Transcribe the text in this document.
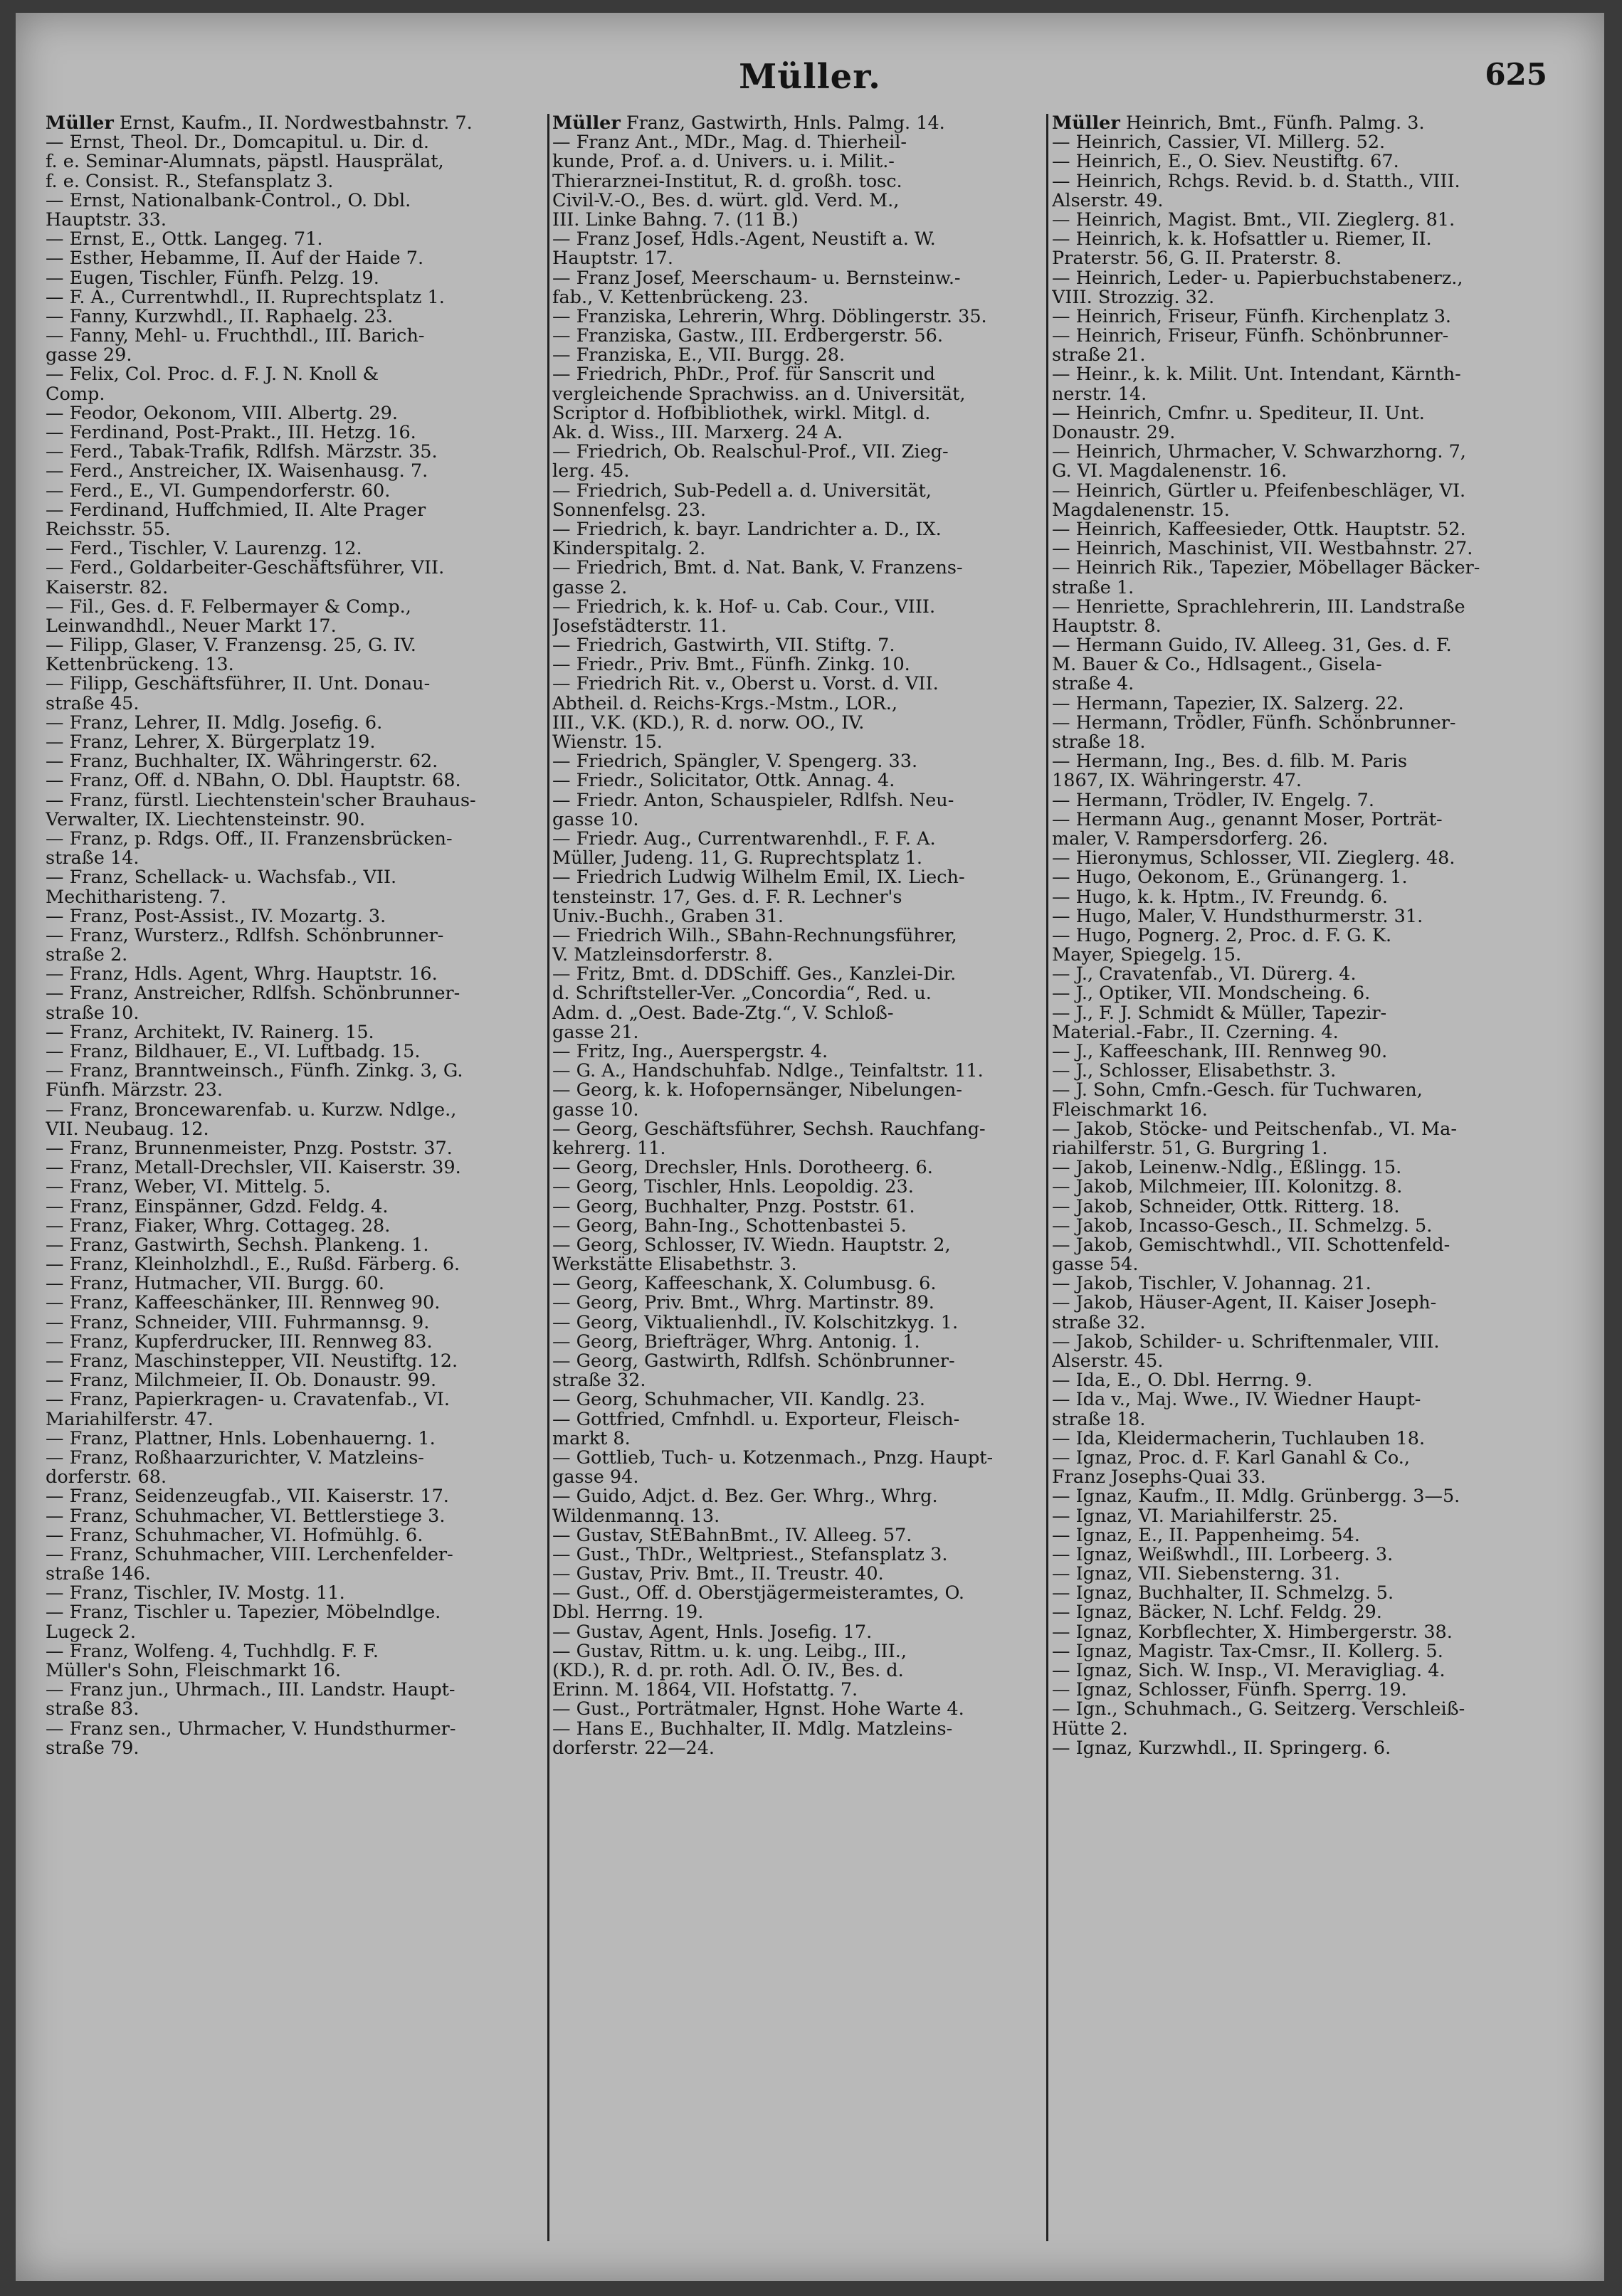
Müller.	625
Müller Ernst, Kaufm., II. Nordwestbahnstr. 7.
— Ernst, Theol. Dr., Domcapitul. u. Dir. d.
f. e. Seminar-Alumnats, päpstl. Hausprälat,
f. e. Consist. R., Stefansplatz 3.
— Ernst, Nationalbank-Control., O. Dbl.
Hauptstr. 33.
— Ernst, E., Ottk. Langeg. 71.
— Esther, Hebamme, II. Auf der Haide 7.
— Eugen, Tischler, Fünfh. Pelzg. 19.
— F. A., Currentwhdl., II. Ruprechtsplatz 1.
— Fanny, Kurzwhdl., II. Raphaelg. 23.
— Fanny, Mehl- u. Fruchthdl., III. Barich-
gasse 29.
— Felix, Col. Proc. d. F. J. N. Knoll &
Comp.
— Feodor, Oekonom, VIII. Albertg. 29.
— Ferdinand, Post-Prakt., III. Hetzg. 16.
— Ferd., Tabak-Trafik, Rdlfsh. Märzstr. 35.
— Ferd., Anstreicher, IX. Waisenhausg. 7.
— Ferd., E., VI. Gumpendorferstr. 60.
— Ferdinand, Huffchmied, II. Alte Prager
Reichsstr. 55.
— Ferd., Tischler, V. Laurenzg. 12.
— Ferd., Goldarbeiter-Geschäftsführer, VII.
Kaiserstr. 82.
— Fil., Ges. d. F. Felbermayer & Comp.,
Leinwandhdl., Neuer Markt 17.
— Filipp, Glaser, V. Franzensg. 25, G. IV.
Kettenbrückeng. 13.
— Filipp, Geschäftsführer, II. Unt. Donau-
straße 45.
— Franz, Lehrer, II. Mdlg. Josefig. 6.
— Franz, Lehrer, X. Bürgerplatz 19.
— Franz, Buchhalter, IX. Währingerstr. 62.
— Franz, Off. d. NBahn, O. Dbl. Hauptstr. 68.
— Franz, fürstl. Liechtenstein'scher Brauhaus-
Verwalter, IX. Liechtensteinstr. 90.
— Franz, p. Rdgs. Off., II. Franzensbrücken-
straße 14.
— Franz, Schellack- u. Wachsfab., VII.
Mechitharisteng. 7.
— Franz, Post-Assist., IV. Mozartg. 3.
— Franz, Wursterz., Rdlfsh. Schönbrunner-
straße 2.
— Franz, Hdls. Agent, Whrg. Hauptstr. 16.
— Franz, Anstreicher, Rdlfsh. Schönbrunner-
straße 10.
— Franz, Architekt, IV. Rainerg. 15.
— Franz, Bildhauer, E., VI. Luftbadg. 15.
— Franz, Branntweinsch., Fünfh. Zinkg. 3, G.
Fünfh. Märzstr. 23.
— Franz, Broncewarenfab. u. Kurzw. Ndlge.,
VII. Neubaug. 12.
— Franz, Brunnenmeister, Pnzg. Poststr. 37.
— Franz, Metall-Drechsler, VII. Kaiserstr. 39.
— Franz, Weber, VI. Mittelg. 5.
— Franz, Einspänner, Gdzd. Feldg. 4.
— Franz, Fiaker, Whrg. Cottageg. 28.
— Franz, Gastwirth, Sechsh. Plankeng. 1.
— Franz, Kleinholzhdl., E., Rußd. Färberg. 6.
— Franz, Hutmacher, VII. Burgg. 60.
— Franz, Kaffeeschänker, III. Rennweg 90.
— Franz, Schneider, VIII. Fuhrmannsg. 9.
— Franz, Kupferdrucker, III. Rennweg 83.
— Franz, Maschinstepper, VII. Neustiftg. 12.
— Franz, Milchmeier, II. Ob. Donaustr. 99.
— Franz, Papierkragen- u. Cravatenfab., VI.
Mariahilferstr. 47.
— Franz, Plattner, Hnls. Lobenhauerng. 1.
— Franz, Roßhaarzurichter, V. Matzleins-
dorferstr. 68.
— Franz, Seidenzeugfab., VII. Kaiserstr. 17.
— Franz, Schuhmacher, VI. Bettlerstiege 3.
— Franz, Schuhmacher, VI. Hofmühlg. 6.
— Franz, Schuhmacher, VIII. Lerchenfelder-
straße 146.
— Franz, Tischler, IV. Mostg. 11.
— Franz, Tischler u. Tapezier, Möbelndlge.
Lugeck 2.
— Franz, Wolfeng. 4, Tuchhdlg. F. F.
Müller's Sohn, Fleischmarkt 16.
— Franz jun., Uhrmach., III. Landstr. Haupt-
straße 83.
— Franz sen., Uhrmacher, V. Hundsthurmer-
straße 79.
Müller Franz, Gastwirth, Hnls. Palmg. 14.
— Franz Ant., MDr., Mag. d. Thierheil-
kunde, Prof. a. d. Univers. u. i. Milit.-
Thierarznei-Institut, R. d. großh. tosc.
Civil-V.-O., Bes. d. würt. gld. Verd. M.,
III. Linke Bahng. 7. (11 B.)
— Franz Josef, Hdls.-Agent, Neustift a. W.
Hauptstr. 17.
— Franz Josef, Meerschaum- u. Bernsteinw.-
fab., V. Kettenbrückeng. 23.
— Franziska, Lehrerin, Whrg. Döblingerstr. 35.
— Franziska, Gastw., III. Erdbergerstr. 56.
— Franziska, E., VII. Burgg. 28.
— Friedrich, PhDr., Prof. für Sanscrit und
vergleichende Sprachwiss. an d. Universität,
Scriptor d. Hofbibliothek, wirkl. Mitgl. d.
Ak. d. Wiss., III. Marxerg. 24 A.
— Friedrich, Ob. Realschul-Prof., VII. Zieg-
lerg. 45.
— Friedrich, Sub-Pedell a. d. Universität,
Sonnenfelsg. 23.
— Friedrich, k. bayr. Landrichter a. D., IX.
Kinderspitalg. 2.
— Friedrich, Bmt. d. Nat. Bank, V. Franzens-
gasse 2.
— Friedrich, k. k. Hof- u. Cab. Cour., VIII.
Josefstädterstr. 11.
— Friedrich, Gastwirth, VII. Stiftg. 7.
— Friedr., Priv. Bmt., Fünfh. Zinkg. 10.
— Friedrich Rit. v., Oberst u. Vorst. d. VII.
Abtheil. d. Reichs-Krgs.-Mstm., LOR.,
III., V.K. (KD.), R. d. norw. OO., IV.
Wienstr. 15.
— Friedrich, Spängler, V. Spengerg. 33.
— Friedr., Solicitator, Ottk. Annag. 4.
— Friedr. Anton, Schauspieler, Rdlfsh. Neu-
gasse 10.
— Friedr. Aug., Currentwarenhdl., F. F. A.
Müller, Judeng. 11, G. Ruprechtsplatz 1.
— Friedrich Ludwig Wilhelm Emil, IX. Liech-
tensteinstr. 17, Ges. d. F. R. Lechner's
Univ.-Buchh., Graben 31.
— Friedrich Wilh., SBahn-Rechnungsführer,
V. Matzleinsdorferstr. 8.
— Fritz, Bmt. d. DDSchiff. Ges., Kanzlei-Dir.
d. Schriftsteller-Ver. „Concordia“, Red. u.
Adm. d. „Oest. Bade-Ztg.“, V. Schloß-
gasse 21.
— Fritz, Ing., Auerspergstr. 4.
— G. A., Handschuhfab. Ndlge., Teinfaltstr. 11.
— Georg, k. k. Hofopernsänger, Nibelungen-
gasse 10.
— Georg, Geschäftsführer, Sechsh. Rauchfang-
kehrerg. 11.
— Georg, Drechsler, Hnls. Dorotheerg. 6.
— Georg, Tischler, Hnls. Leopoldig. 23.
— Georg, Buchhalter, Pnzg. Poststr. 61.
— Georg, Bahn-Ing., Schottenbastei 5.
— Georg, Schlosser, IV. Wiedn. Hauptstr. 2,
Werkstätte Elisabethstr. 3.
— Georg, Kaffeeschank, X. Columbusg. 6.
— Georg, Priv. Bmt., Whrg. Martinstr. 89.
— Georg, Viktualienhdl., IV. Kolschitzkyg. 1.
— Georg, Briefträger, Whrg. Antonig. 1.
— Georg, Gastwirth, Rdlfsh. Schönbrunner-
straße 32.
— Georg, Schuhmacher, VII. Kandlg. 23.
— Gottfried, Cmfnhdl. u. Exporteur, Fleisch-
markt 8.
— Gottlieb, Tuch- u. Kotzenmach., Pnzg. Haupt-
gasse 94.
— Guido, Adjct. d. Bez. Ger. Whrg., Whrg.
Wildenmannq. 13.
— Gustav, StEBahnBmt., IV. Alleeg. 57.
— Gust., ThDr., Weltpriest., Stefansplatz 3.
— Gustav, Priv. Bmt., II. Treustr. 40.
— Gust., Off. d. Oberstjägermeisteramtes, O.
Dbl. Herrng. 19.
— Gustav, Agent, Hnls. Josefig. 17.
— Gustav, Rittm. u. k. ung. Leibg., III.,
(KD.), R. d. pr. roth. Adl. O. IV., Bes. d.
Erinn. M. 1864, VII. Hofstattg. 7.
— Gust., Porträtmaler, Hgnst. Hohe Warte 4.
— Hans E., Buchhalter, II. Mdlg. Matzleins-
dorferstr. 22—24.
Müller Heinrich, Bmt., Fünfh. Palmg. 3.
— Heinrich, Cassier, VI. Millerg. 52.
— Heinrich, E., O. Siev. Neustiftg. 67.
— Heinrich, Rchgs. Revid. b. d. Statth., VIII.
Alserstr. 49.
— Heinrich, Magist. Bmt., VII. Zieglerg. 81.
— Heinrich, k. k. Hofsattler u. Riemer, II.
Praterstr. 56, G. II. Praterstr. 8.
— Heinrich, Leder- u. Papierbuchstabenerz.,
VIII. Strozzig. 32.
— Heinrich, Friseur, Fünfh. Kirchenplatz 3.
— Heinrich, Friseur, Fünfh. Schönbrunner-
straße 21.
— Heinr., k. k. Milit. Unt. Intendant, Kärnth-
nerstr. 14.
— Heinrich, Cmfnr. u. Spediteur, II. Unt.
Donaustr. 29.
— Heinrich, Uhrmacher, V. Schwarzhorng. 7,
G. VI. Magdalenenstr. 16.
— Heinrich, Gürtler u. Pfeifenbeschläger, VI.
Magdalenenstr. 15.
— Heinrich, Kaffeesieder, Ottk. Hauptstr. 52.
— Heinrich, Maschinist, VII. Westbahnstr. 27.
— Heinrich Rik., Tapezier, Möbellager Bäcker-
straße 1.
— Henriette, Sprachlehrerin, III. Landstraße
Hauptstr. 8.
— Hermann Guido, IV. Alleeg. 31, Ges. d. F.
M. Bauer & Co., Hdlsagent., Gisela-
straße 4.
— Hermann, Tapezier, IX. Salzerg. 22.
— Hermann, Trödler, Fünfh. Schönbrunner-
straße 18.
— Hermann, Ing., Bes. d. filb. M. Paris
1867, IX. Währingerstr. 47.
— Hermann, Trödler, IV. Engelg. 7.
— Hermann Aug., genannt Moser, Porträt-
maler, V. Rampersdorferg. 26.
— Hieronymus, Schlosser, VII. Zieglerg. 48.
— Hugo, Oekonom, E., Grünangerg. 1.
— Hugo, k. k. Hptm., IV. Freundg. 6.
— Hugo, Maler, V. Hundsthurmerstr. 31.
— Hugo, Pognerg. 2, Proc. d. F. G. K.
Mayer, Spiegelg. 15.
— J., Cravatenfab., VI. Dürerg. 4.
— J., Optiker, VII. Mondscheing. 6.
— J., F. J. Schmidt & Müller, Tapezir-
Material.-Fabr., II. Czerning. 4.
— J., Kaffeeschank, III. Rennweg 90.
— J., Schlosser, Elisabethstr. 3.
— J. Sohn, Cmfn.-Gesch. für Tuchwaren,
Fleischmarkt 16.
— Jakob, Stöcke- und Peitschenfab., VI. Ma-
riahilferstr. 51, G. Burgring 1.
— Jakob, Leinenw.-Ndlg., Eßlingg. 15.
— Jakob, Milchmeier, III. Kolonitzg. 8.
— Jakob, Schneider, Ottk. Ritterg. 18.
— Jakob, Incasso-Gesch., II. Schmelzg. 5.
— Jakob, Gemischtwhdl., VII. Schottenfeld-
gasse 54.
— Jakob, Tischler, V. Johannag. 21.
— Jakob, Häuser-Agent, II. Kaiser Joseph-
straße 32.
— Jakob, Schilder- u. Schriftenmaler, VIII.
Alserstr. 45.
— Ida, E., O. Dbl. Herrng. 9.
— Ida v., Maj. Wwe., IV. Wiedner Haupt-
straße 18.
— Ida, Kleidermacherin, Tuchlauben 18.
— Ignaz, Proc. d. F. Karl Ganahl & Co.,
Franz Josephs-Quai 33.
— Ignaz, Kaufm., II. Mdlg. Grünbergg. 3—5.
— Ignaz, VI. Mariahilferstr. 25.
— Ignaz, E., II. Pappenheimg. 54.
— Ignaz, Weißwhdl., III. Lorbeerg. 3.
— Ignaz, VII. Siebensterng. 31.
— Ignaz, Buchhalter, II. Schmelzg. 5.
— Ignaz, Bäcker, N. Lchf. Feldg. 29.
— Ignaz, Korbflechter, X. Himbergerstr. 38.
— Ignaz, Magistr. Tax-Cmsr., II. Kollerg. 5.
— Ignaz, Sich. W. Insp., VI. Meravigliag. 4.
— Ignaz, Schlosser, Fünfh. Sperrg. 19.
— Ign., Schuhmach., G. Seitzerg. Verschleiß-
Hütte 2.
— Ignaz, Kurzwhdl., II. Springerg. 6.
